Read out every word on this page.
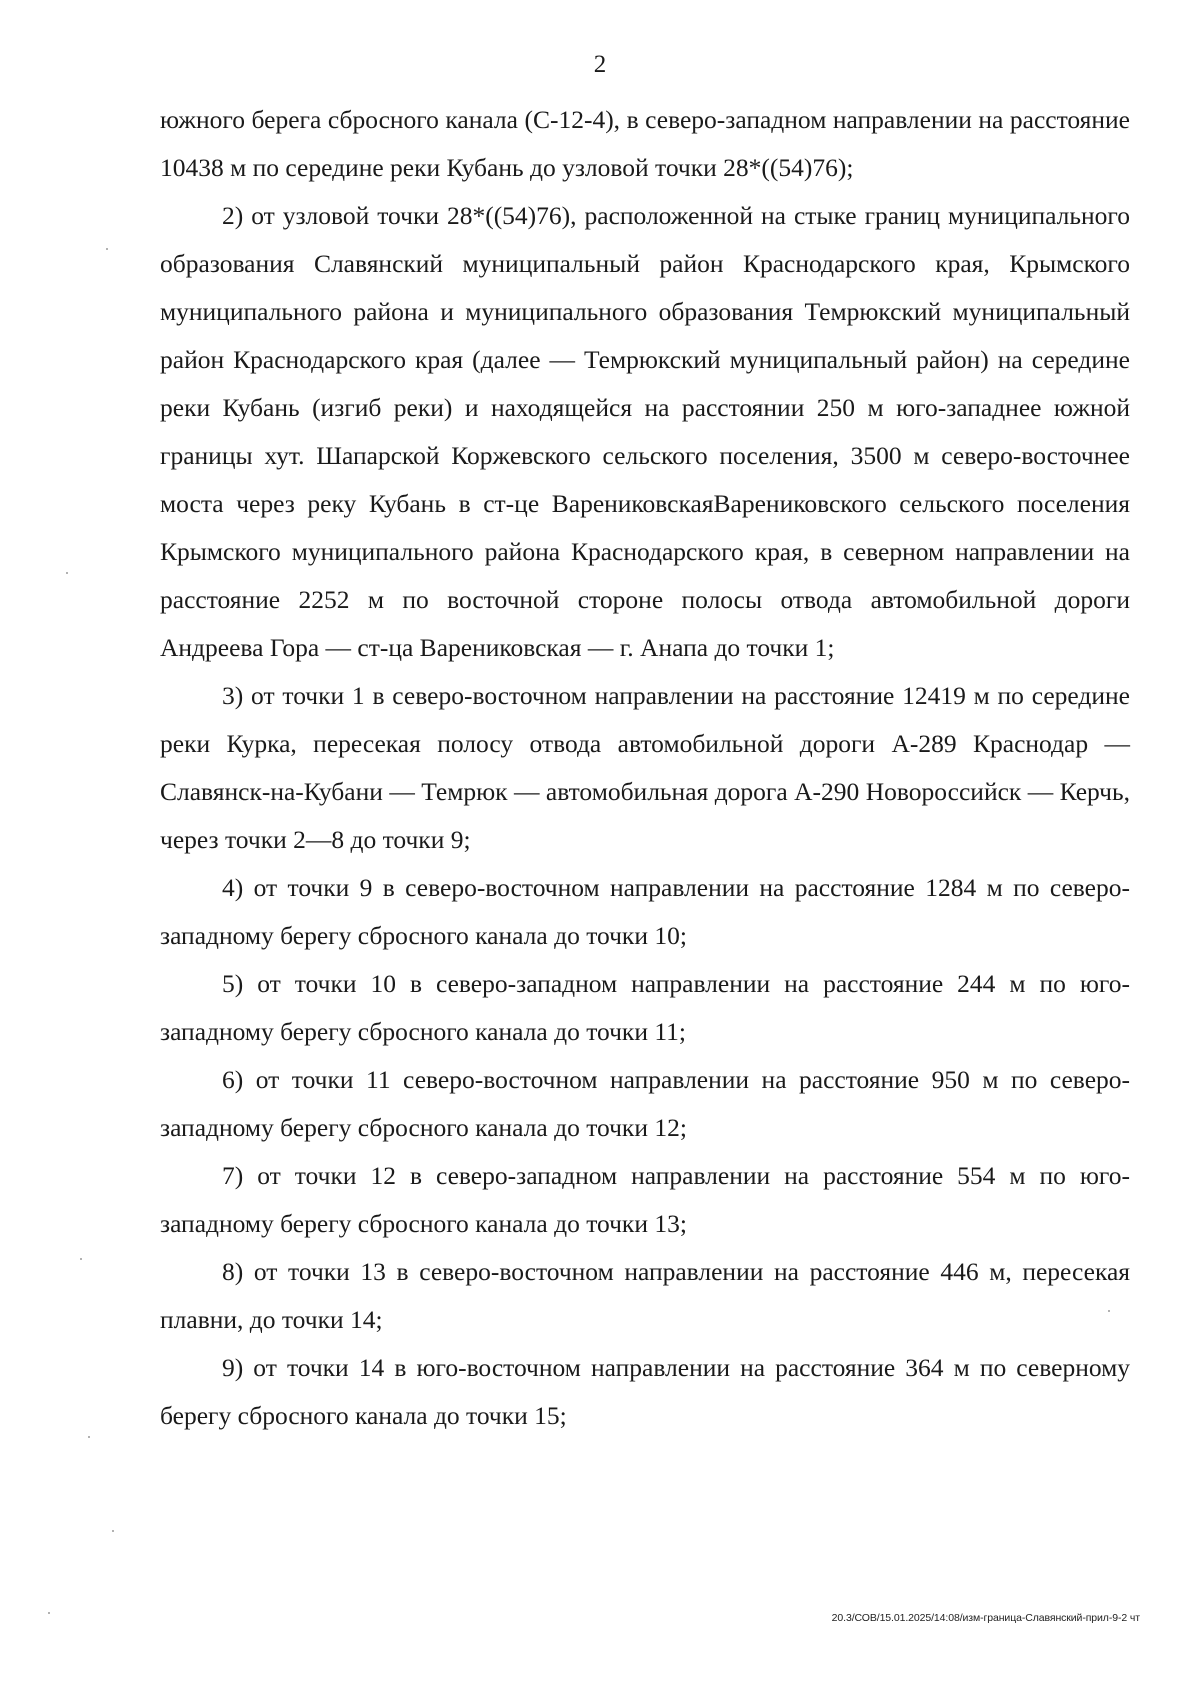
2

южного берега сбросного канала (С-12-4), в северо-западном направлении на расстояние 10438 м по середине реки Кубань до узловой точки 28*((54)76);

2) от узловой точки 28*((54)76), расположенной на стыке границ муниципального образования Славянский муниципальный район Краснодарского края, Крымского муниципального района и муниципального образования Темрюкский муниципальный район Краснодарского края (далее — Темрюкский муниципальный район) на середине реки Кубань (изгиб реки) и находящейся на расстоянии 250 м юго-западнее южной границы хут. Шапарской Коржевского сельского поселения, 3500 м северо-восточнее моста через реку Кубань в ст-це ВарениковскаяВарениковского сельского поселения Крымского муниципального района Краснодарского края, в северном направлении на расстояние 2252 м по восточной стороне полосы отвода автомобильной дороги Андреева Гора — ст-ца Варениковская — г. Анапа до точки 1;

3) от точки 1 в северо-восточном направлении на расстояние 12419 м по середине реки Курка, пересекая полосу отвода автомобильной дороги А-289 Краснодар — Славянск-на-Кубани — Темрюк — автомобильная дорога А-290 Новороссийск — Керчь, через точки 2—8 до точки 9;

4) от точки 9 в северо-восточном направлении на расстояние 1284 м по северо-западному берегу сбросного канала до точки 10;

5) от точки 10 в северо-западном направлении на расстояние 244 м по юго-западному берегу сбросного канала до точки 11;

6) от точки 11 северо-восточном направлении на расстояние 950 м по северо-западному берегу сбросного канала до точки 12;

7) от точки 12 в северо-западном направлении на расстояние 554 м по юго-западному берегу сбросного канала до точки 13;

8) от точки 13 в северо-восточном направлении на расстояние 446 м, пересекая плавни, до точки 14;

9) от точки 14 в юго-восточном направлении на расстояние 364 м по северному берегу сбросного канала до точки 15;

20.3/СОВ/15.01.2025/14:08/изм-граница-Славянский-прил-9-2 чт
